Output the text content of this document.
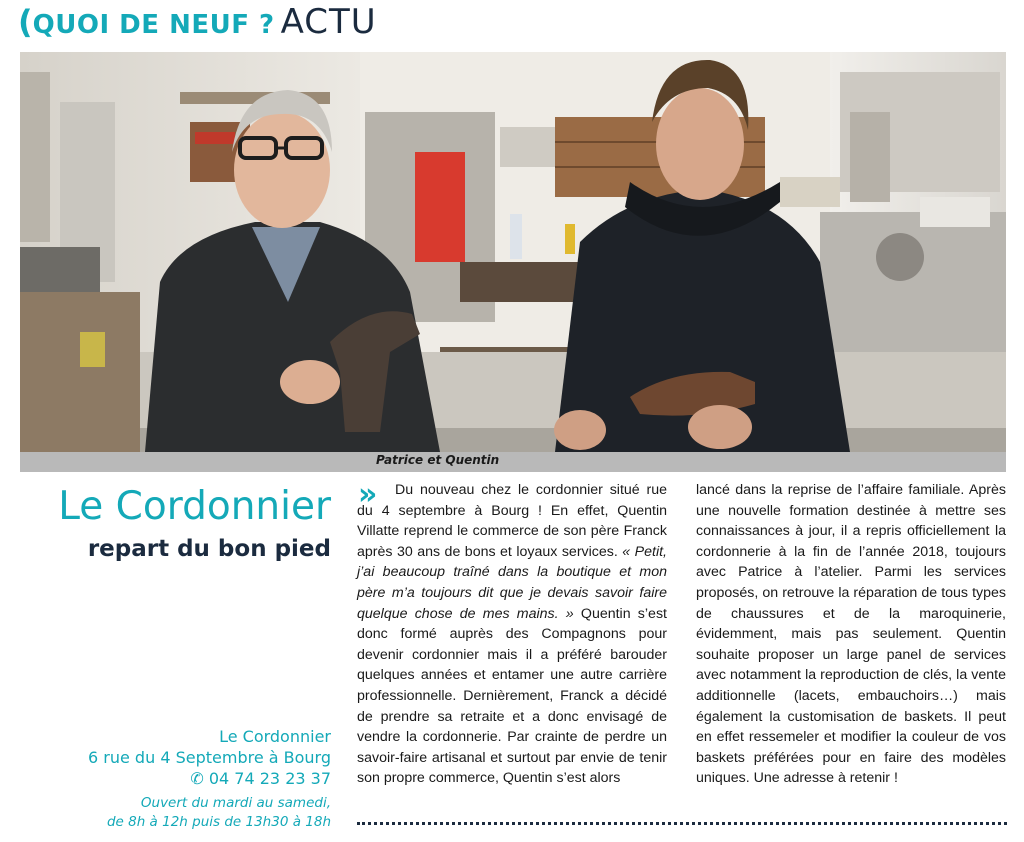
(QUOI DE NEUF ? ACTU
Patrice et Quentin
Le Cordonnier
repart du bon pied
Le Cordonnier
6 rue du 4 Septembre à Bourg
✆ 04 74 23 23 37
Ouvert du mardi au samedi,
de 8h à 12h puis de 13h30 à 18h
»	Du nouveau chez le cordonnier situé rue du 4 septembre à Bourg ! En effet, Quentin Villatte reprend le commerce de son père Franck après 30 ans de bons et loyaux services. « Petit, j’ai beaucoup traîné dans la boutique et mon père m’a toujours dit que je devais savoir faire quelque chose de mes mains. » Quentin s’est donc formé auprès des Compagnons pour devenir cordonnier mais il a préféré barouder quelques années et entamer une autre carrière professionnelle. Dernièrement, Franck a décidé de prendre sa retraite et a donc envisagé de vendre la cordonnerie. Par crainte de perdre un savoir-faire artisanal et surtout par envie de tenir son propre commerce, Quentin s’est alors

lancé dans la reprise de l’affaire familiale. Après une nouvelle formation destinée à mettre ses connaissances à jour, il a repris officiellement la cordonnerie à la fin de l’année 2018, toujours avec Patrice à l’atelier. Parmi les services proposés, on retrouve la réparation de tous types de chaussures et de la maroquinerie, évidemment, mais pas seulement. Quentin souhaite proposer un large panel de services avec notamment la reproduction de clés, la vente additionnelle (lacets, embauchoirs…) mais également la customisation de baskets. Il peut en effet ressemeler et modifier la couleur de vos baskets préférées pour en faire des modèles uniques. Une adresse à retenir !
